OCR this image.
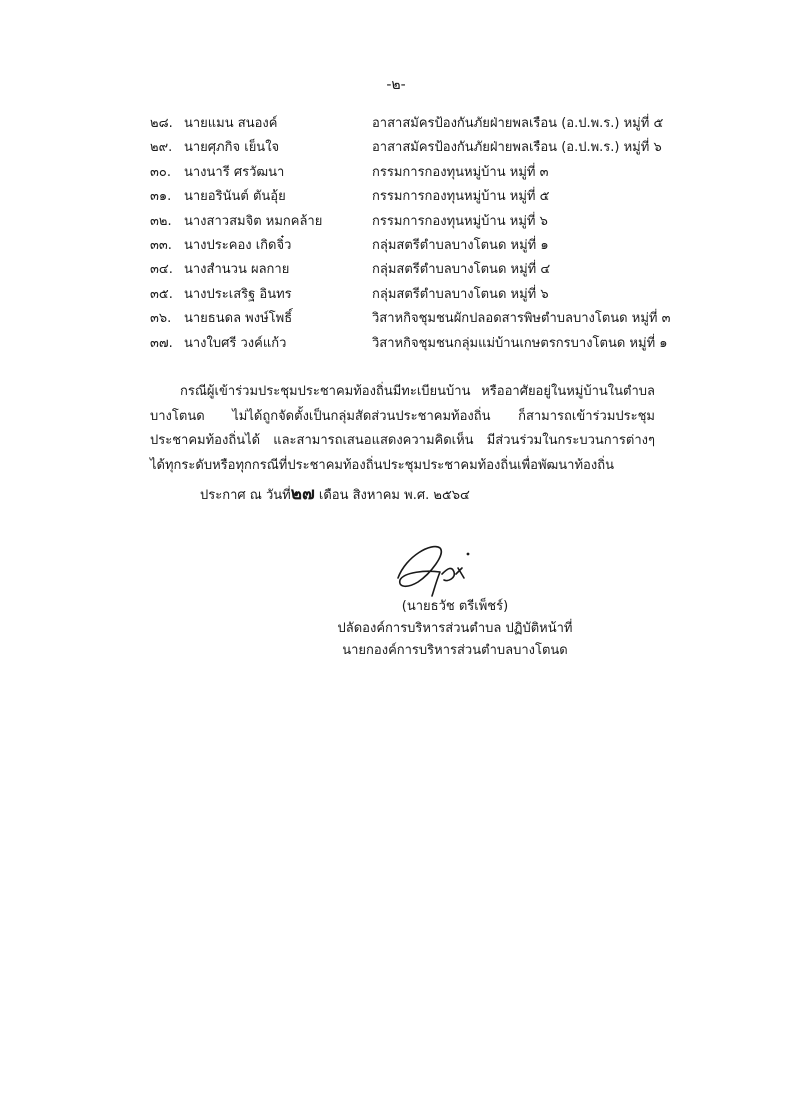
-๒-
๒๘. นายแมน สนองค์	อาสาสมัครป้องกันภัยฝ่ายพลเรือน (อ.ป.พ.ร.) หมู่ที่ ๕
๒๙. นายศุภกิจ เย็นใจ	อาสาสมัครป้องกันภัยฝ่ายพลเรือน (อ.ป.พ.ร.) หมู่ที่ ๖
๓๐. นางนารี ศรวัฒนา	กรรมการกองทุนหมู่บ้าน หมู่ที่ ๓
๓๑. นายอรินันต์ ตันอุ้ย	กรรมการกองทุนหมู่บ้าน หมู่ที่ ๕
๓๒. นางสาวสมจิต หมกคล้าย	กรรมการกองทุนหมู่บ้าน หมู่ที่ ๖
๓๓. นางประคอง เกิดจิ๋ว	กลุ่มสตรีตำบลบางโตนด หมู่ที่ ๑
๓๔. นางสำนวน ผลกาย	กลุ่มสตรีตำบลบางโตนด หมู่ที่ ๔
๓๕. นางประเสริฐ อินทร	กลุ่มสตรีตำบลบางโตนด หมู่ที่ ๖
๓๖. นายธนดล พงษ์โพธิ์	วิสาหกิจชุมชนผักปลอดสารพิษตำบลบางโตนด หมู่ที่ ๓
๓๗. นางใบศรี วงค์แก้ว	วิสาหกิจชุมชนกลุ่มแม่บ้านเกษตรกรบางโตนด หมู่ที่ ๑

กรณีผู้เข้าร่วมประชุมประชาคมท้องถิ่นมีทะเบียนบ้าน หรืออาศัยอยู่ในหมู่บ้านในตำบลบางโตนด ไม่ได้ถูกจัดตั้งเป็นกลุ่มสัดส่วนประชาคมท้องถิ่น ก็สามารถเข้าร่วมประชุมประชาคมท้องถิ่นได้ และสามารถเสนอแสดงความคิดเห็น มีส่วนร่วมในกระบวนการต่างๆ ได้ทุกระดับหรือทุกกรณีที่ประชาคมท้องถิ่นประชุมประชาคมท้องถิ่นเพื่อพัฒนาท้องถิ่น

ประกาศ ณ วันที่๒๗ เดือน สิงหาคม พ.ศ. ๒๕๖๔
(นายธวัช ตรีเพ็ชร์)
ปลัดองค์การบริหารส่วนตำบล ปฏิบัติหน้าที่
นายกองค์การบริหารส่วนตำบลบางโตนด
